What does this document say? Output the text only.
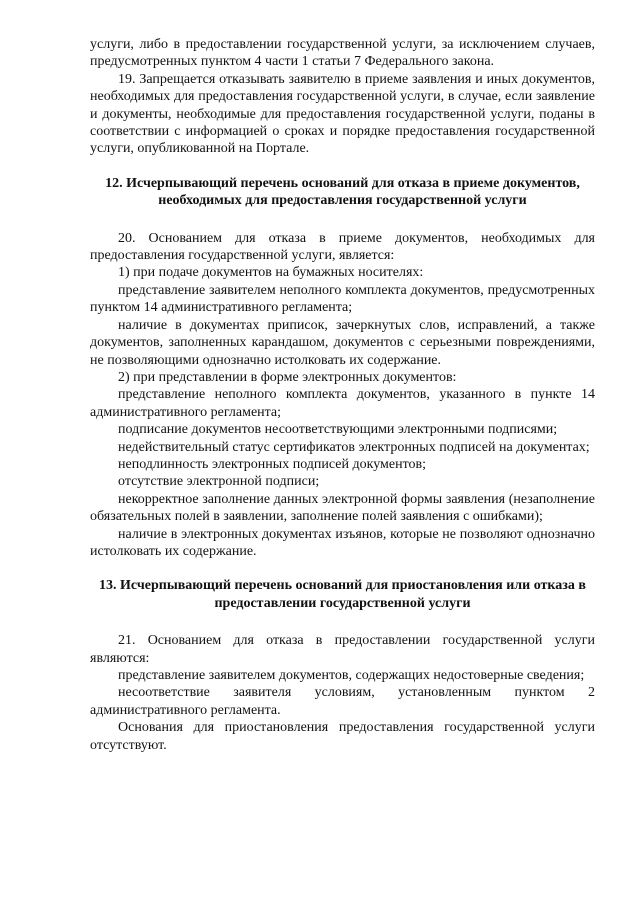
услуги, либо в предоставлении государственной услуги, за исключением случаев, предусмотренных пунктом 4 части 1 статьи 7 Федерального закона.

19. Запрещается отказывать заявителю в приеме заявления и иных документов, необходимых для предоставления государственной услуги, в случае, если заявление и документы, необходимые для предоставления государственной услуги, поданы в соответствии с информацией о сроках и порядке предоставления государственной услуги, опубликованной на Портале.

12. Исчерпывающий перечень оснований для отказа в приеме документов, необходимых для предоставления государственной услуги

20. Основанием для отказа в приеме документов, необходимых для предоставления государственной услуги, является:

1) при подаче документов на бумажных носителях:

представление заявителем неполного комплекта документов, предусмотренных пунктом 14 административного регламента;

наличие в документах приписок, зачеркнутых слов, исправлений, а также документов, заполненных карандашом, документов с серьезными повреждениями, не позволяющими однозначно истолковать их содержание.

2) при представлении в форме электронных документов:

представление неполного комплекта документов, указанного в пункте 14 административного регламента;

подписание документов несоответствующими электронными подписями;

недействительный статус сертификатов электронных подписей на документах;

неподлинность электронных подписей документов;

отсутствие электронной подписи;

некорректное заполнение данных электронной формы заявления (незаполнение обязательных полей в заявлении, заполнение полей заявления с ошибками);

наличие в электронных документах изъянов, которые не позволяют однозначно истолковать их содержание.

13. Исчерпывающий перечень оснований для приостановления или отказа в предоставлении государственной услуги

21. Основанием для отказа в предоставлении государственной услуги являются:

представление заявителем документов, содержащих недостоверные сведения;

несоответствие заявителя условиям, установленным пунктом 2 административного регламента.

Основания для приостановления предоставления государственной услуги отсутствуют.
